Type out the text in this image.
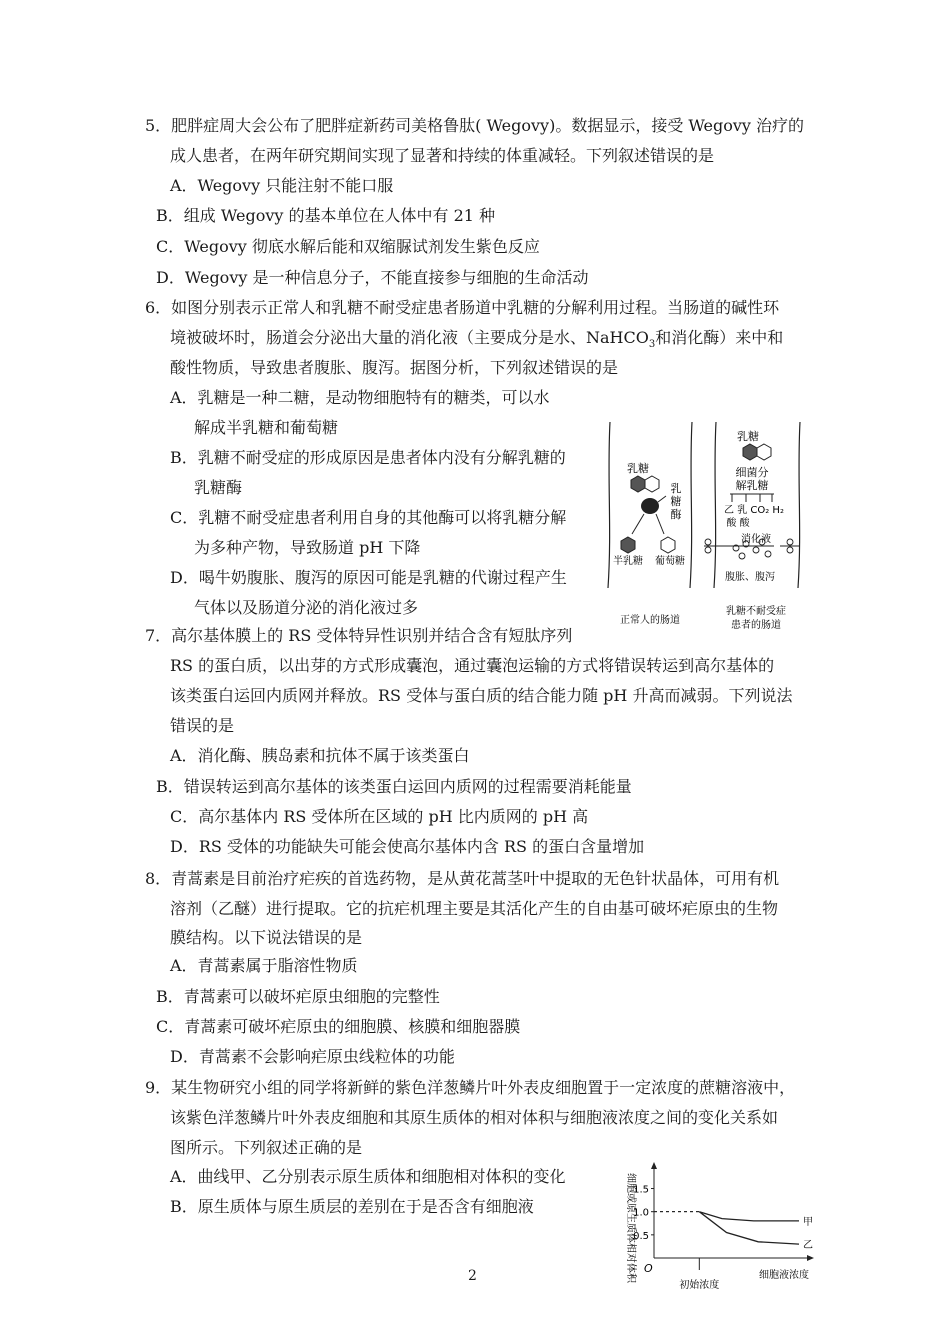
5．肥胖症周大会公布了肥胖症新药司美格鲁肽( Wegovy)。数据显示，接受 Wegovy 治疗的
成人患者，在两年研究期间实现了显著和持续的体重减轻。下列叙述错误的是
A．Wegovy 只能注射不能口服
B．组成 Wegovy 的基本单位在人体中有 21 种
C．Wegovy 彻底水解后能和双缩脲试剂发生紫色反应
D．Wegovy 是一种信息分子，不能直接参与细胞的生命活动
6．如图分别表示正常人和乳糖不耐受症患者肠道中乳糖的分解利用过程。当肠道的碱性环
境被破坏时，肠道会分泌出大量的消化液（主要成分是水、NaHCO$_3$和消化酶）来中和
酸性物质，导致患者腹胀、腹泻。据图分析，下列叙述错误的是
A．乳糖是一种二糖，是动物细胞特有的糖类，可以水
解成半乳糖和葡萄糖
B．乳糖不耐受症的形成原因是患者体内没有分解乳糖的
乳糖酶
C．乳糖不耐受症患者利用自身的其他酶可以将乳糖分解
为多种产物，导致肠道 pH 下降
D．喝牛奶腹胀、腹泻的原因可能是乳糖的代谢过程产生
气体以及肠道分泌的消化液过多
乳糖
乳
糖
酶
半乳糖 葡萄糖
正常人的肠道
乳糖
细菌分
解乳糖
乙 乳 CO₂ H₂
酸 酸
消化液
腹胀、腹泻
乳糖不耐受症
患者的肠道
7．高尔基体膜上的 RS 受体特异性识别并结合含有短肽序列
RS 的蛋白质，以出芽的方式形成囊泡，通过囊泡运输的方式将错误转运到高尔基体的
该类蛋白运回内质网并释放。RS 受体与蛋白质的结合能力随 pH 升高而减弱。下列说法
错误的是
A．消化酶、胰岛素和抗体不属于该类蛋白
B．错误转运到高尔基体的该类蛋白运回内质网的过程需要消耗能量
C．高尔基体内 RS 受体所在区域的 pH 比内质网的 pH 高
D．RS 受体的功能缺失可能会使高尔基体内含 RS 的蛋白含量增加
8．青蒿素是目前治疗疟疾的首选药物，是从黄花蒿茎叶中提取的无色针状晶体，可用有机
溶剂（乙醚）进行提取。它的抗疟机理主要是其活化产生的自由基可破坏疟原虫的生物
膜结构。以下说法错误的是
A．青蒿素属于脂溶性物质
B．青蒿素可以破坏疟原虫细胞的完整性
C．青蒿素可破坏疟原虫的细胞膜、核膜和细胞器膜
D．青蒿素不会影响疟原虫线粒体的功能
9．某生物研究小组的同学将新鲜的紫色洋葱鳞片叶外表皮细胞置于一定浓度的蔗糖溶液中，
该紫色洋葱鳞片叶外表皮细胞和其原生质体的相对体积与细胞液浓度之间的变化关系如
图所示。下列叙述正确的是
A．曲线甲、乙分别表示原生质体和细胞相对体积的变化
B．原生质体与原生质层的差别在于是否含有细胞液	细胞或原生质体相对体积 O
0.5
1.0
1.5
甲
乙
初始浓度
细胞液浓度
2
